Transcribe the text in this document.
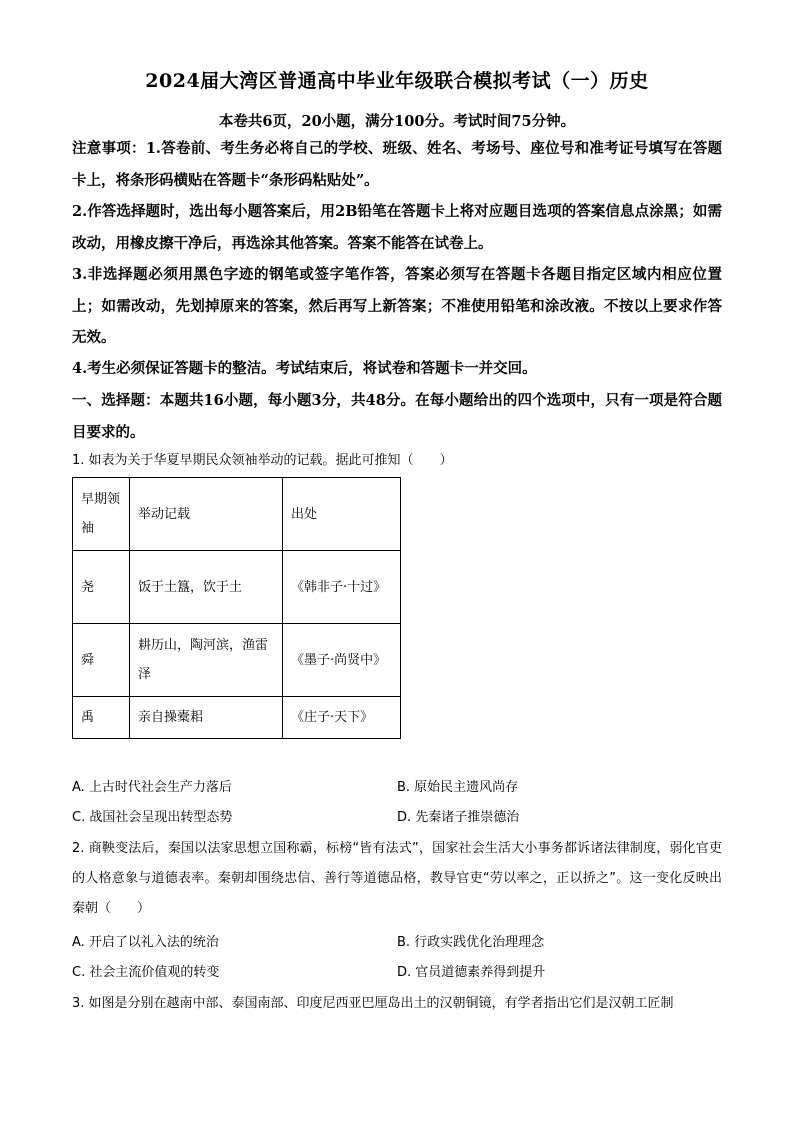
2024届大湾区普通高中毕业年级联合模拟考试（一）历史
本卷共6页，20小题，满分100分。考试时间75分钟。
注意事项：1.答卷前、考生务必将自己的学校、班级、姓名、考场号、座位号和准考证号填写在答题卡上，将条形码横贴在答题卡“条形码粘贴处”。
2.作答选择题时，选出每小题答案后，用2B铅笔在答题卡上将对应题目选项的答案信息点涂黑；如需改动，用橡皮擦干净后，再选涂其他答案。答案不能答在试卷上。
3.非选择题必须用黑色字迹的钢笔或签字笔作答，答案必须写在答题卡各题目指定区域内相应位置上；如需改动，先划掉原来的答案，然后再写上新答案；不准使用铅笔和涂改液。不按以上要求作答无效。
4.考生必须保证答题卡的整洁。考试结束后，将试卷和答题卡一并交回。
一、选择题：本题共16小题，每小题3分，共48分。在每小题给出的四个选项中，只有一项是符合题目要求的。
1. 如表为关于华夏早期民众领袖举动的记载。据此可推知（　　）
早期领袖	举动记载	出处
尧	饭于土簋，饮于土	《韩非子·十过》
舜	耕历山，陶河滨，渔雷泽	《墨子·尚贤中》
禹	亲自操橐耜	《庄子·天下》
A. 上古时代社会生产力落后	B. 原始民主遗风尚存
C. 战国社会呈现出转型态势	D. 先秦诸子推崇德治
2. 商鞅变法后，秦国以法家思想立国称霸，标榜“皆有法式”，国家社会生活大小事务都诉诸法律制度，弱化官吏的人格意象与道德表率。秦朝却围绕忠信、善行等道德品格，教导官吏“劳以率之，正以挢之”。这一变化反映出秦朝（　　）
A. 开启了以礼入法的统治	B. 行政实践优化治理理念
C. 社会主流价值观的转变	D. 官员道德素养得到提升
3. 如图是分别在越南中部、泰国南部、印度尼西亚巴厘岛出土的汉朝铜镜，有学者指出它们是汉朝工匠制
